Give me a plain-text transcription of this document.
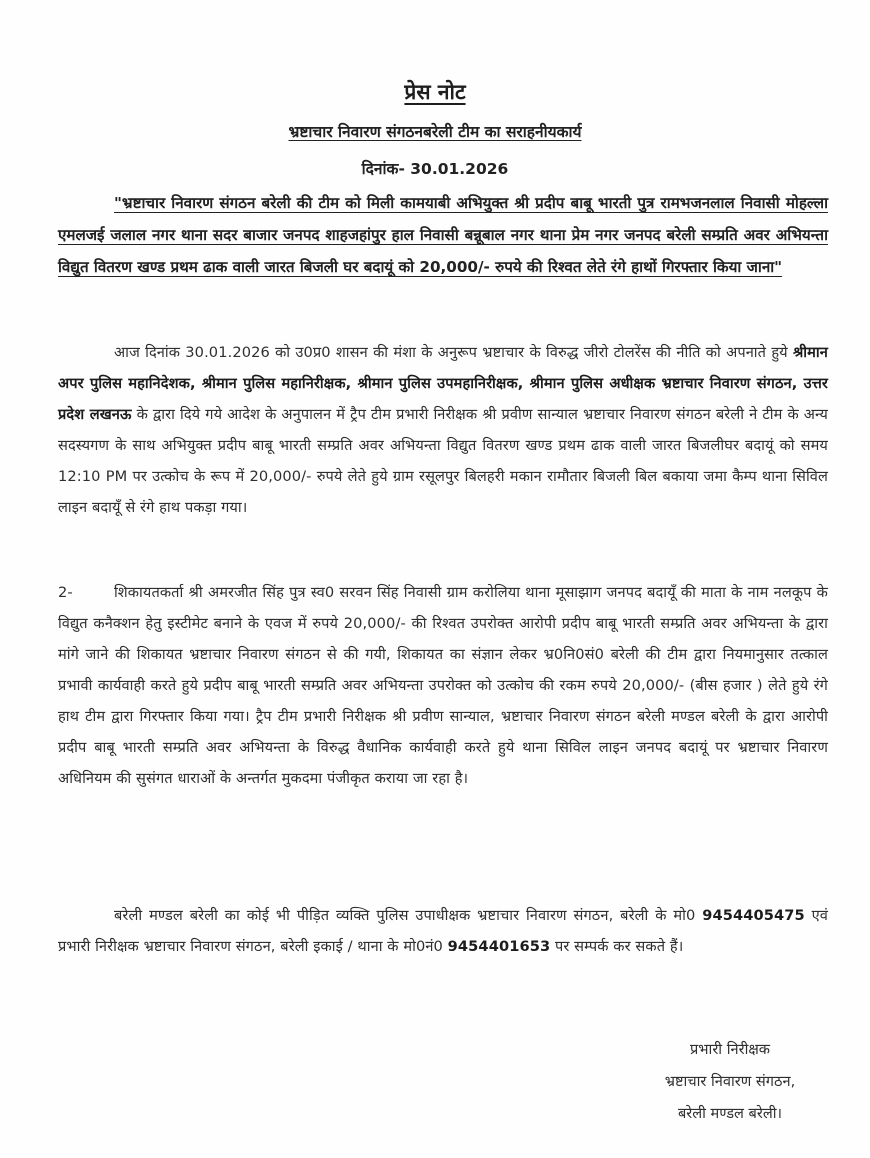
प्रेस नोट
भ्रष्टाचार निवारण संगठनबरेली टीम का सराहनीयकार्य
दिनांक- 30.01.2026
"भ्रष्टाचार निवारण संगठन बरेली की टीम को मिली कामयाबी अभियुक्त श्री प्रदीप बाबू भारती पुत्र रामभजनलाल निवासी मोहल्ला एमलजई जलाल नगर थाना सदर बाजार जनपद शाहजहांपुर हाल निवासी बन्नूबाल नगर थाना प्रेम नगर जनपद बरेली सम्प्रति अवर अभियन्ता विद्युत वितरण खण्ड प्रथम ढाक वाली जारत बिजली घर बदायूं को 20,000/- रुपये की रिश्वत लेते रंगे हाथों गिरफ्तार किया जाना"
आज दिनांक 30.01.2026 को उ0प्र0 शासन की मंशा के अनुरूप भ्रष्टाचार के विरुद्ध जीरो टोलरेंस की नीति को अपनाते हुये श्रीमान अपर पुलिस महानिदेशक, श्रीमान पुलिस महानिरीक्षक, श्रीमान पुलिस उपमहानिरीक्षक, श्रीमान पुलिस अधीक्षक भ्रष्टाचार निवारण संगठन, उत्तर प्रदेश लखनऊ के द्वारा दिये गये आदेश के अनुपालन में ट्रैप टीम प्रभारी निरीक्षक श्री प्रवीण सान्याल भ्रष्टाचार निवारण संगठन बरेली ने टीम के अन्य सदस्यगण के साथ अभियुक्त प्रदीप बाबू भारती सम्प्रति अवर अभियन्ता विद्युत वितरण खण्ड प्रथम ढाक वाली जारत बिजलीघर बदायूं को समय 12:10 PM पर उत्कोच के रूप में 20,000/- रुपये लेते हुये ग्राम रसूलपुर बिलहरी मकान रामौतार बिजली बिल बकाया जमा कैम्प थाना सिविल लाइन बदायूँ से रंगे हाथ पकड़ा गया।
2-	शिकायतकर्ता श्री अमरजीत सिंह पुत्र स्व0 सरवन सिंह निवासी ग्राम करोलिया थाना मूसाझाग जनपद बदायूँ की माता के नाम नलकूप के विद्युत कनैक्शन हेतु इस्टीमेट बनाने के एवज में रुपये 20,000/- की रिश्वत उपरोक्त आरोपी प्रदीप बाबू भारती सम्प्रति अवर अभियन्ता के द्वारा मांगे जाने की शिकायत भ्रष्टाचार निवारण संगठन से की गयी, शिकायत का संज्ञान लेकर भ्र0नि0सं0 बरेली की टीम द्वारा नियमानुसार तत्काल प्रभावी कार्यवाही करते हुये प्रदीप बाबू भारती सम्प्रति अवर अभियन्ता उपरोक्त को उत्कोच की रकम रुपये 20,000/- (बीस हजार ) लेते हुये रंगे हाथ टीम द्वारा गिरफ्तार किया गया। ट्रैप टीम प्रभारी निरीक्षक श्री प्रवीण सान्याल, भ्रष्टाचार निवारण संगठन बरेली मण्डल बरेली के द्वारा आरोपी प्रदीप बाबू भारती सम्प्रति अवर अभियन्ता के विरुद्ध वैधानिक कार्यवाही करते हुये थाना सिविल लाइन जनपद बदायूं पर भ्रष्टाचार निवारण अधिनियम की सुसंगत धाराओं के अन्तर्गत मुकदमा पंजीकृत कराया जा रहा है।
बरेली मण्डल बरेली का कोई भी पीड़ित व्यक्ति पुलिस उपाधीक्षक भ्रष्टाचार निवारण संगठन, बरेली के मो0 9454405475 एवं प्रभारी निरीक्षक भ्रष्टाचार निवारण संगठन, बरेली इकाई / थाना के मो0नं0 9454401653 पर सम्पर्क कर सकते हैं।
प्रभारी निरीक्षक
भ्रष्टाचार निवारण संगठन,
बरेली मण्डल बरेली।
